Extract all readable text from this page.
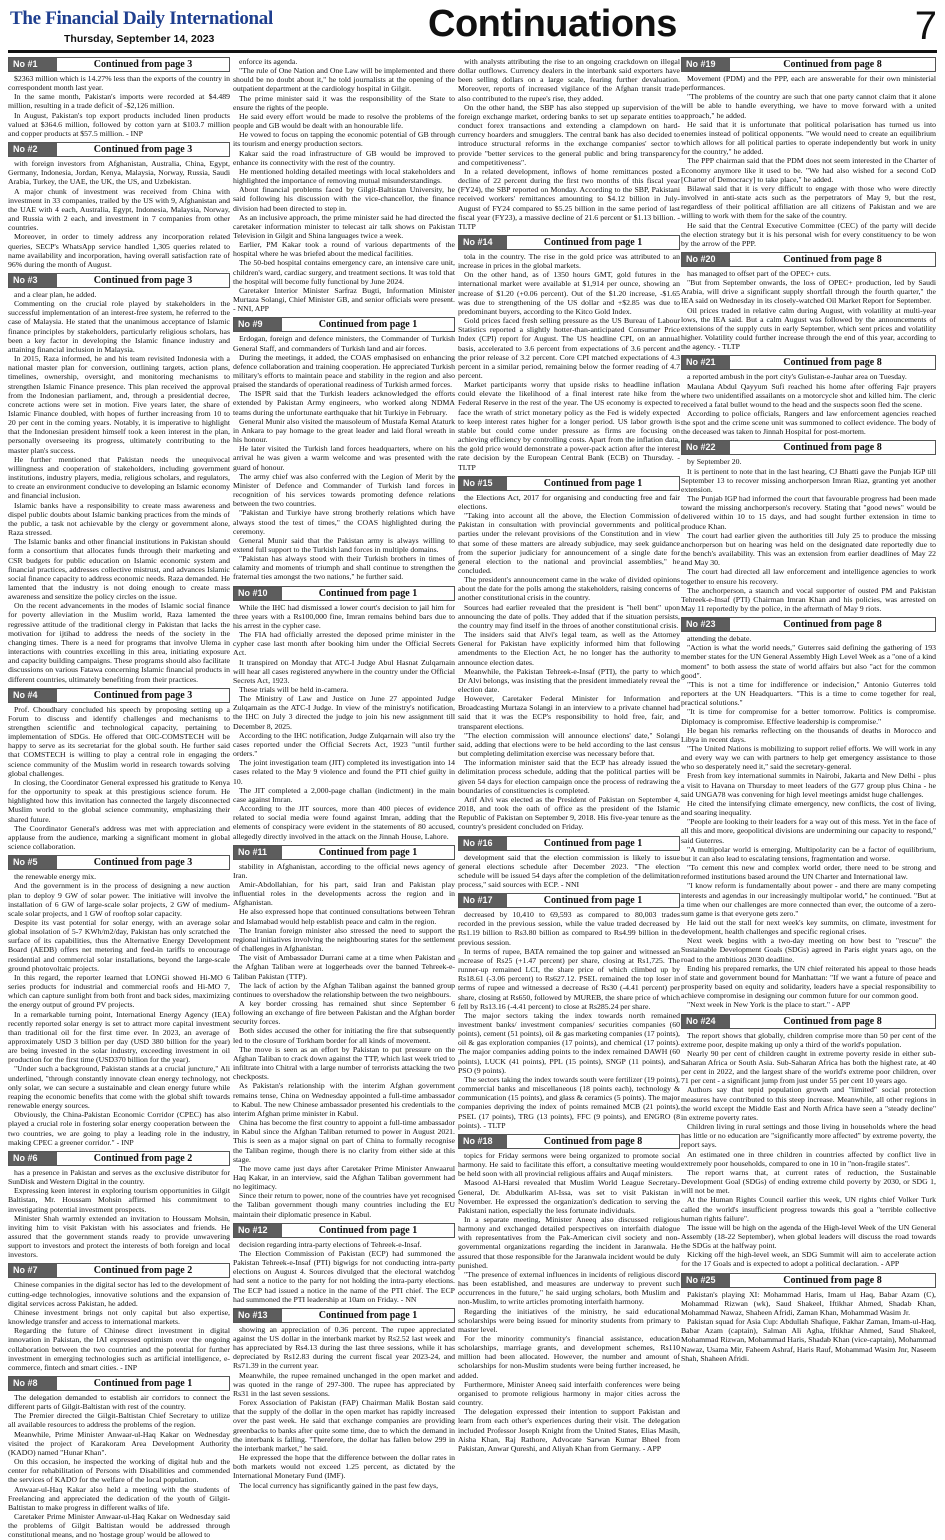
The Financial Daily International
Thursday, September 14, 2023	Continuations	7
No #1	Continued from page 3

$2363 million which is 14.27% less than the exports of the country in correspondent month last year.

In the same month, Pakistan's imports were recorded at $4.489 million, resulting in a trade deficit of -$2,126 million.

In August, Pakistan's top export products included linen products valued at $364.6 million, followed by cotton yarn at $103.7 million and copper products at $57.5 million. - INP

No #2	Continued from page 3

with foreign investors from Afghanistan, Australia, China, Egypt, Germany, Indonesia, Jordan, Kenya, Malaysia, Norway, Russia, Saudi Arabia, Turkey, the UAE, the UK, the US, and Uzbekistan.

A major chunk of investment was received from China with investment in 33 companies, trailed by the US with 9, Afghanistan and the UAE with 4 each, Australia, Egypt, Indonesia, Malaysia, Norway, and Russia with 2 each, and investment in 7 companies from other countries.

Moreover, in order to timely address any incorporation related queries, SECP's WhatsApp service handled 1,305 queries related to name availability and incorporation, having overall satisfaction rate of 96% during the month of August.

No #3	Continued from page 3

and a clear plan, he added.

Commenting on the crucial role played by stakeholders in the successful implementation of an interest-free system, he referred to the case of Malaysia. He stated that the unanimous acceptance of Islamic finance principles by stakeholders, particularly religious scholars, has been a key factor in developing the Islamic finance industry and attaining financial inclusion in Malaysia.

In 2015, Raza informed, he and his team revisited Indonesia with a national master plan for conversion, outlining targets, action plans, timelines, ownership, oversight, and monitoring mechanisms to strengthen Islamic Finance presence. This plan received the approval from the Indonesian parliament, and, through a presidential decree, concrete actions were set in motion. Five years later, the share of Islamic Finance doubled, with hopes of further increasing from 10 to 20 per cent in the coming years. Notably, it is imperative to highlight that the Indonesian president himself took a keen interest in the plan, personally overseeing its progress, ultimately contributing to the master plan's success.

He further mentioned that Pakistan needs the unequivocal willingness and cooperation of stakeholders, including government institutions, industry players, media, religious scholars, and regulators, to create an environment conducive to developing an Islamic economy and financial inclusion.

Islamic banks have a responsibility to create mass awareness and dispel public doubts about Islamic banking practices from the minds of the public, a task not achievable by the clergy or government alone, Raza stressed.

The Islamic banks and other financial institutions in Pakistan should form a consortium that allocates funds through their marketing and CSR budgets for public education on Islamic economic system and financial practices, addresses collective mistrust, and advances Islamic social finance capacity to address economic needs. Raza demanded. He lamented that the industry is not doing enough to create mass awareness and sensitize the policy circles on the issue.

On the recent advancements in the modes of Islamic social finance for poverty alleviation in the Muslim world, Raza lamented the regressive attitude of the traditional clergy in Pakistan that lacks the motivation for ijtihad to address the needs of the society in the changing times. There is a need for programs that involve Ulema in interactions with countries excelling in this area, initiating exposure and capacity building campaigns. These programs should also facilitate discussions on various Fatawa concerning Islamic financial products in different countries, ultimately benefiting from their practices.

No #4	Continued from page 3

Prof. Choudhary concluded his speech by proposing setting up a Forum to discuss and identify challenges and mechanisms to strengthen scientific and technological capacity, pertaining to implementation of SDGs. He offered that OIC-COMSTECH will be happy to serve as its secretariat for the global south. He further said that COMSTECH is willing to play a central role in engaging the science community of the Muslim world in research towards solving global challenges.

In closing, the Coordinator General expressed his gratitude to Kenya for the opportunity to speak at this prestigious science forum. He highlighted how this invitation has connected the largely disconnected Muslim world to the global science community, emphasizing their shared future.

The Coordinator General's address was met with appreciation and applause from the audience, marking a significant moment in global science collaboration.

No #5	Continued from page 3

the renewable energy mix.

And the government is in the process of designing a new auction plan to deploy 9 GW of solar power. The initiative will involve the installation of 6 GW of large-scale solar projects, 2 GW of medium-scale solar projects, and 1 GW of rooftop solar capacity.

Despite its vast potential for solar energy, with an average solar global insolation of 5-7 KWh/m2/day, Pakistan has only scratched the surface of its capabilities, thus the Alternative Energy Development Board (AEDB) offers net metering and feed-in tariffs to encourage residential and commercial solar installations, beyond the large-scale ground photovoltaic projects.

In this regard, the reporter learned that LONGi showed Hi-MO 6 series products for industrial and commercial roofs and Hi-MO 7, which can capture sunlight from both front and back sides, maximizing the energy output of ground PV projects.

In a remarkable turning point, International Energy Agency (IEA) recently reported solar energy is set to attract more capital investment than traditional oil for the first time ever. In 2023, an average of approximately USD 3 billion per day (USD 380 billion for the year) are being invested in the solar industry, exceeding investment in oil production for the first time (USD370 billion for the year).

"Under such a background, Pakistan stands at a crucial juncture," Ali underlined, "through constantly innovate clean energy technology, not only solar, we can secure a sustainable and clean energy future while reaping the economic benefits that come with the global shift towards renewable energy sources.

Obviously, the China-Pakistan Economic Corridor (CPEC) has also played a crucial role in fostering solar energy cooperation between the two countries, we are going to play a leading role in the industry, making CPEC a greener corridor." - INP

No #6	Continued from page 2

has a presence in Pakistan and serves as the exclusive distributor for SunDisk and Western Digital in the country.

Expressing keen interest in exploring tourism opportunities in Gilgit Baltistan, Mr. Houssam Mohsin affirmed his commitment to investigating potential investment prospects.

Minister Shah warmly extended an invitation to Houssam Mohsin, inviting him to visit Pakistan with his associates and friends. He assured that the government stands ready to provide unwavering support to investors and protect the interests of both foreign and local investors.

No #7	Continued from page 2

Chinese companies in the digital sector has led to the development of cutting-edge technologies, innovative solutions and the expansion of digital services across Pakistan, he added.

Chinese investment brings not only capital but also expertise, knowledge transfer and access to international markets.

Regarding the future of Chinese direct investment in digital innovation in Pakistan, the IAI expressed optimism over the ongoing collaboration between the two countries and the potential for further investment in emerging technologies such as artificial intelligence, e-commerce, fintech and smart cities. - INP

No #8	Continued from page 1

The delegation demanded to establish air corridors to connect the different parts of Gilgit-Baltistan with rest of the country.

The Premier directed the Gilgit-Baltistan Chief Secretary to utilize all available resources to address the problems of the region.

Meanwhile, Prime Minister Anwaar-ul-Haq Kakar on Wednesday visited the project of Karakoram Area Development Authority (KADO) named "Hunar Khan".

On this occasion, he inspected the working of digital hub and the center for rehabilitation of Persons with Disabilities and commended the services of KADO for the welfare of the local population.

Anwaar-ul-Haq Kakar also held a meeting with the students of Freelancing and appreciated the dedication of the youth of Gilgit-Baltistan to make progress in different walks of life.

Caretaker Prime Minister Anwaar-ul-Haq Kakar on Wednesday said the problems of Gilgit Baltistan would be addressed through constitutional means, and no 'hostage group' would be allowed to

enforce its agenda.

"The rule of One Nation and One Law will be implemented and there should be no doubt about it," he told journalists at the opening of the outpatient department at the cardiology hospital in Gilgit.

The prime minister said it was the responsibility of the State to ensure the rights of the people.

He said every effort would be made to resolve the problems of the people and GB would be dealt with an honourable life.

He vowed to focus on tapping the economic potential of GB through its tourism and energy production sectors.

Kakar said the road infrastructure of GB would be improved to enhance its connectivity with the rest of the country.

He mentioned holding detailed meetings with local stakeholders and highlighted the importance of removing mutual misunderstandings.

About financial problems faced by Gilgit-Baltistan University, he said following his discussion with the vice-chancellor, the finance division had been directed to step in.

As an inclusive approach, the prime minister said he had directed the caretaker information minister to telecast air talk shows on Pakistan Television in Gilgit and Shina languages twice a week.

Earlier, PM Kakar took a round of various departments of the hospital where he was briefed about the medical facilities.

The 50-bed hospital contains emergency care, an intensive care unit, children's ward, cardiac surgery, and treatment sections. It was told that the hospital will become fully functional by June 2024.

Caretaker Interior Minister Sarfraz Bugti, Information Minister Murtaza Solangi, Chief Minister GB, and senior officials were present. - NNI, APP

No #9	Continued from page 1

Erdogan, foreign and defence ministers, the Commander of Turkish General Staff, and commanders of Turkish land and air forces.

During the meetings, it added, the COAS emphasised on enhancing defence collaboration and training cooperation. He appreciated Turkish military's efforts to maintain peace and stability in the region and also praised the standards of operational readiness of Turkish armed forces.

The ISPR said that the Turkish leaders acknowledged the efforts extended by Pakistan Army engineers, who worked along NDMA teams during the unfortunate earthquake that hit Turkiye in February.

General Munir also visited the mausoleum of Mustafa Kemal Ataturk in Ankara to pay homage to the great leader and laid floral wreath in his honour.

He later visited the Turkish land forces headquarters, where on his arrival he was given a warm welcome and was presented with the guard of honour.

The army chief was also conferred with the Legion of Merit by the Minister of Defence and Commander of Turkish land forces in recognition of his services towards promoting defence relations between the two countries.

"Pakistan and Turkiye have strong brotherly relations which have always stood the test of times," the COAS highlighted during the ceremony.

General Munir said that the Pakistan army is always willing to extend full support to the Turkish land forces in multiple domains.

"Pakistan has always stood with their Turkish brothers in times of calamity and moments of triumph and shall continue to strengthen the fraternal ties amongst the two nations," he further said.

No #10	Continued from page 1

While the IHC had dismissed a lower court's decision to jail him for three years with a Rs100,000 fine, Imran remains behind bars due to his arrest in the cypher case.

The FIA had officially arrested the deposed prime minister in the cypher case last month after booking him under the Official Secrets Act.

It transpired on Monday that ATC-I Judge Abul Hasnat Zulqarnain will hear all cases registered anywhere in the country under the Official Secrets Act, 1923.

These trials will be held in-camera.

The Ministry of Law and Justice on June 27 appointed Judge Zulqarnain as the ATC-I Judge. In view of the ministry's notification, the IHC on July 3 directed the judge to join his new assignment till December 8, 2025.

According to the IHC notification, Judge Zulqarnain will also try the cases reported under the Official Secrets Act, 1923 "until further orders."

The joint investigation team (JIT) completed its investigation into 14 cases related to the May 9 violence and found the PTI chief guilty in 10.

The JIT completed a 2,000-page challan (indictment) in the main case against Imran.

According to the JIT sources, more than 400 pieces of evidence related to social media were found against Imran, adding that the elements of conspiracy were evident in the statements of 80 accused, allegedly directly involved in the attack on the Jinnah House, Lahore.

No #11	Continued from page 1

stability in Afghanistan, according to the official news agency of Iran.

Amir-Abdollahian, for his part, said Iran and Pakistan play influential roles in the developments across the region and in Afghanistan.

He also expressed hope that continued consultations between Tehran and Islamabad would help establish peace and calm in the region.

The Iranian foreign minister also stressed the need to support the regional initiatives involving the neighbouring states for the settlement of challenges in Afghanistan.

The visit of Ambassador Durrani came at a time when Pakistan and the Afghan Taliban were at loggerheads over the banned Tehreek-e-Taliban Pakistan (TTP).

The lack of action by the Afghan Taliban against the banned group continues to overshadow the relationship between the two neighbours.

A key border crossing has remained shut since September 6 following an exchange of fire between Pakistan and the Afghan border security forces.

Both sides accused the other for initiating the fire that subsequently led to the closure of Torkham border for all kinds of movement.

The move is seen as an effort by Pakistan to put pressure on the Afghan Taliban to crack down against the TTP, which last week tried to infiltrate into Chitral with a large number of terrorists attacking the two checkposts.

As Pakistan's relationship with the interim Afghan government remains tense, China on Wednesday appointed a full-time ambassador to Kabul. The new Chinese ambassador presented his credentials to the interim Afghan prime minister in Kabul.

China has become the first country to appoint a full-time ambassador in Kabul since the Afghan Taliban returned to power in August 2021. This is seen as a major signal on part of China to formally recognise the Taliban regime, though there is no clarity from either side at this stage.

The move came just days after Caretaker Prime Minister Anwaarul Haq Kakar, in an interview, said the Afghan Taliban government had no legitimacy.

Since their return to power, none of the countries have yet recognised the Taliban government though many countries including the EU maintain their diplomatic presence in Kabul.

No #12	Continued from page 1

decision regarding intra-party elections of Tehreek-e-Insaf.

The Election Commission of Pakistan (ECP) had summoned the Pakistan Tehreek-e-Insaf (PTI) bigwigs for not conducting intra-party elections on August 4. Sources divulged that the electoral watchdog had sent a notice to the party for not holding the intra-party elections. The ECP had issued a notice in the name of the PTI chief. The ECP had summoned the PTI leadership at 10am on Friday. - NN

No #13	Continued from page 1

showing an appreciation of 0.36 percent. The rupee appreciated against the US dollar in the interbank market by Rs2.52 last week and has appreciated by Rs4.13 during the last three sessions, while it has depreciated by Rs12.83 during the current fiscal year 2023-24, and Rs71.39 in the current year.

Meanwhile, the rupee remained unchanged in the open market and was quoted in the range of 297-300. The rupee has appreciated by Rs31 in the last seven sessions.

Forex Association of Pakistan (FAP) Chairman Malik Bostan said that the supply of the dollar in the open market has rapidly increased over the past week. He said that exchange companies are providing greenbacks to banks after quite some time, due to which the demand in the interbank is falling. "Therefore, the dollar has fallen below 299 in the interbank market," he said.

He expressed the hope that the difference between the dollar rates in both markets would not exceed 1.25 percent, as dictated by the International Monetary Fund (IMF).

The local currency has significantly gained in the past few days,

with analysts attributing the rise to an ongoing crackdown on illegal dollar outflows. Currency dealers in the interbank said exporters have been selling dollars on a large scale, fearing further devaluation. Moreover, reports of increased vigilance of the Afghan transit trade also contributed to the rupee's rise, they added.

On the other hand, the SBP has also stepped up supervision of the foreign exchange market, ordering banks to set up separate entities to conduct forex transactions and extending a clampdown on hard-currency hoarders and smugglers. The central bank has also decided to introduce structural reforms in the exchange companies' sector to provide "better services to the general public and bring transparency and competitiveness".

In a related development, inflows of home remittances posted a decline of 22 percent during the first two months of this fiscal year (FY24), the SBP reported on Monday. According to the SBP, Pakistani received workers' remittances amounting to $4.12 billion in July-August of FY24 compared to $5.25 billion in the same period of last fiscal year (FY23), a massive decline of 21.6 percent or $1.13 billion. - TLTP

No #14	Continued from page 1

tola in the country. The rise in the gold price was attributed to an increase in prices in the global markets.

On the other hand, as of 1350 hours GMT, gold futures in the international market were available at $1,914 per ounce, showing an increase of $1.20 (+0.06 percent). Out of the $1.20 increase, -$1.65 was due to strengthening of the US dollar and +$2.85 was due to predominant buyers, according to the Kitco Gold Index.

Gold prices faced fresh selling pressure as the US Bureau of Labour Statistics reported a slightly hotter-than-anticipated Consumer Price Index (CPI) report for August. The US headline CPI, on an annual basis, accelerated to 3.6 percent from expectations of 3.6 percent and the prior release of 3.2 percent. Core CPI matched expectations of 4.3 percent in a similar period, remaining below the former reading of 4.7 percent.

Market participants worry that upside risks to headline inflation could elevate the likelihood of a final interest rate hike from the Federal Reserve in the rest of the year. The US economy is expected to face the wrath of strict monetary policy as the Fed is widely expected to keep interest rates higher for a longer period. US labor growth is stable but could come under pressure as firms are focusing on achieving efficiency by controlling costs. Apart from the inflation data, the gold price would demonstrate a power-pack action after the interest rate decision by the European Central Bank (ECB) on Thursday. - TLTP

No #15	Continued from page 1

the Elections Act, 2017 for organising and conducting free and fair elections.

"Taking into account all the above, the Election Commission of Pakistan in consultation with provincial governments and political parties under the relevant provisions of the Constitution and in view that some of these matters are already subjudice, may seek guidance from the superior judiciary for announcement of a single date for general election to the national and provincial assemblies," he concluded.

The president's announcement came in the wake of divided opinions about the date for the polls among the stakeholders, raising concerns of another constitutional crisis in the country.

Sources had earlier revealed that the president is "hell bent" upon announcing the date of polls. They added that if the situation persists, the country may find itself in the throes of another constitutional crisis.

The insiders said that Alvi's legal team, as well as the Attorney General for Pakistan have explicitly informed him that following amendments to the Election Act, he no longer has the authority to announce election dates.

Meanwhile, the Pakistan Tehreek-e-Insaf (PTI), the party to which Dr Alvi belongs, was insisting that the president immediately reveal the election date.

However, Caretaker Federal Minister for Information and Broadcasting Murtaza Solangi in an interview to a private channel had said that it was the ECP's responsibility to hold free, fair, and transparent elections.

"The election commission will announce elections' date," Solangi said, adding that elections were to be held according to the last census but completing delimitation exercise was necessary before that.

The information minister said that the ECP has already issued the delimitation process schedule, adding that the political parties will be given 54 days for election campaign once the process of redrawing the boundaries of constituencies is completed.

Arif Alvi was elected as the President of Pakistan on September 4, 2018, and took the oath of office as the president of the Islamic Republic of Pakistan on September 9, 2018. His five-year tenure as the country's president concluded on Friday.

No #16	Continued from page 1

development said that the election commission is likely to issue general elections schedule after December 2023. "The election schedule will be issued 54 days after the completion of the delimitation process," said sources with ECP. - NNI

No #17	Continued from page 1

decreased by 10,410 to 69,593 as compared to 80,003 trades recorded in the previous session, while the value traded decreased by Rs1.19 billion to Rs3.80 billion as compared to Rs4.99 billion in the previous session.

In terms of rupee, BATA remained the top gainer and witnessed an increase of Rs25 (+1.47 percent) per share, closing at Rs1,725. The runner-up remained LCI, the share price of which climbed up by Rs18.61 (-3.06 percent) to Rs627.12. PSEL remained the top loser in terms of rupee and witnessed a decrease of Rs30 (-4.41 percent) per share, closing at Rs650, followed by MUREB, the share price of which fell by Rs13.16 (-4.41 percent) to close at Rs285.24 per share.

The major sectors taking the index towards north remained investment banks/ investment companies/ securities companies (60 points), cement (51 points), oil & gas marketing companies (17 points), oil & gas exploration companies (17 points), and chemical (17 points). The major companies adding points to the index remained DAWH (60 points), LUCK (41 points), PPL (15 points), SNGP (11 points), and PSO (9 points).

The sectors taking the index towards south were fertilizer (19 points), commercial banks and miscellaneous (18 points each), technology & communication (15 points), and glass & ceramics (5 points). The major companies depriving the index of points remained MCB (21 points), PSEL (17 points), TRG (13 points), FFC (9 points), and ENGRO (8 points). - TLTP

No #18	Continued from page 8

topics for Friday sermons were being organized to promote social harmony. He said to facilitate this effort, a consultative meeting would be held soon with all provincial religious affairs and Auqaf ministers.

Masood Al-Harsi revealed that Muslim World League Secretary-General, Dr. Abdulkarim Al-Issa, was set to visit Pakistan in November. He expressed the organization's dedication to serving the Pakistani nation, especially the less fortunate individuals.

In a separate meeting, Minister Aneeq also discussed religious harmony and exchanged detailed perspectives on interfaith dialogue with representatives from the Pak-American civil society and non-governmental organizations regarding the incident in Jaranwala. He assured that those responsible for the Jaranwala incident would be duly punished.

"The presence of external influences in incidents of religious discord has been established, and measures are underway to prevent such occurrences in the future," he said urging scholars, both Muslim and non-Muslim, to write articles promoting interfaith harmony.

Regarding the initiatives of the ministry, he said educational scholarships were being issued for minority students from primary to master level.

For the minority community's financial assistance, education scholarships, marriage grants, and development schemes, Rs110 million had been allocated. However, the number and amount of scholarships for non-Muslim students were being further increased, he added.

Furthermore, Minister Aneeq said interfaith conferences were being organised to promote religious harmony in major cities across the country.

The delegation expressed their intention to support Pakistan and learn from each other's experiences during their visit. The delegation included Professor Joseph Knight from the United States, Elias Masih, Aisha Khan, Raj Rathore, Advocate Sarwan Kumar Bheel from Pakistan, Anwar Qureshi, and Aliyah Khan from Germany. - APP

No #19	Continued from page 8

Movement (PDM) and the PPP, each are answerable for their own ministerial performances.

"The problems of the country are such that one party cannot claim that it alone will be able to handle everything, we have to move forward with a united approach," he added.

He said that it is unfortunate that political polarisation has turned us into enemies instead of political opponents. "We would need to create an equilibrium which allows for all political parties to operate independently but work in unity for the country," he added.

The PPP chairman said that the PDM does not seem interested in the Charter of Economy anymore like it used to be. "We had also wished for a second CoD [Charter of Democracy] to take place," he added.

Bilawal said that it is very difficult to engage with those who were directly involved in anti-state acts such as the perpetrators of May 9, but the rest, regardless of their political affiliation are all citizens of Pakistan and we are willing to work with them for the sake of the country.

He said that the Central Executive Committee (CEC) of the party will decide the election strategy but it is his personal wish for every constituency to be won by the arrow of the PPP.

No #20	Continued from page 8

has managed to offset part of the OPEC+ cuts.

"But from September onwards, the loss of OPEC+ production, led by Saudi Arabia, will drive a significant supply shortfall through the fourth quarter," the IEA said on Wednesday in its closely-watched Oil Market Report for September.

Oil prices traded in relative calm during August, with volatility at multi-year lows, the IEA said. But a calm August was followed by the announcements of extensions of the supply cuts in early September, which sent prices and volatility higher. Volatility could further increase through the end of this year, according to the agency. - TLTP

No #21	Continued from page 8

a reported ambush in the port city's Gulistan-e-Jauhar area on Tuesday.

Maulana Abdul Qayyum Sufi reached his home after offering Fajr prayers where two unidentified assailants on a motorcycle shot and killed him. The cleric received a fatal bullet wound to the head and the suspects soon fled the scene.

According to police officials, Rangers and law enforcement agencies reached the spot and the crime scene unit was summoned to collect evidence. The body of the deceased was taken to Jinnah Hospital for post-mortem.

No #22	Continued from page 8

by September 20.

It is pertinent to note that in the last hearing, CJ Bhatti gave the Punjab IGP till September 13 to recover missing anchorperson Imran Riaz, granting yet another extension.

The Punjab IGP had informed the court that favourable progress had been made toward the missing anchorperson's recovery. Stating that "good news" would be delivered within 10 to 15 days, and had sought further extension in time to produce Khan.

The court had earlier given the authorities till July 25 to produce the missing anchorperson but on hearing was held on the designated date reportedly due to the bench's availability. This was an extension from earlier deadlines of May 22 and May 30.

The court had directed all law enforcement and intelligence agencies to work together to ensure his recovery.

The anchorperson, a staunch and vocal supporter of ousted PM and Pakistan Tehreek-e-Insaf (PTI) Chairman Imran Khan and his policies, was arrested on May 11 reportedly by the police, in the aftermath of May 9 riots.

No #23	Continued from page 8

attending the debate.

"Action is what the world needs," Guterres said defining the gathering of 193 member states for the UN General Assembly High Level Week as a "one of a kind moment" to both assess the state of world affairs but also "act for the common good".

"This is not a time for indifference or indecision," Antonio Guterres told reporters at the UN Headquarters. "This is a time to come together for real, practical solutions."

"It is time for compromise for a better tomorrow. Politics is compromise. Diplomacy is compromise. Effective leadership is compromise."

He began his remarks reflecting on the thousands of deaths in Morocco and Libya in recent days.

"The United Nations is mobilizing to support relief efforts. We will work in any and every way we can with partners to help get emergency assistance to those who so desperately need it," said the secretary-general.

Fresh from key international summits in Nairobi, Jakarta and New Delhi - plus a visit to Havana on Thursday to meet leaders of the G77 group plus China - he said UNGA78 was convening for high level meetings amidst huge challenges.

He cited the intensifying climate emergency, new conflicts, the cost of living, and soaring inequality.

"People are looking to their leaders for a way out of this mess. Yet in the face of all this and more, geopolitical divisions are undermining our capacity to respond," said Guterres.

"A multipolar world is emerging. Multipolarity can be a factor of equilibrium, but it can also lead to escalating tensions, fragmentation and worse.

"To cement this new and complex world order, there need to be strong and reformed institutions based around the UN Charter and International law.

"I know reform is fundamentally about power - and there are many competing interests and agendas in our increasingly multipolar world," he continued. "But at a time when our challenges are more connected than ever, the outcome of a zero-sum game is that everyone gets zero."

He laid out the stall for next week's key summits, on climate, investment for development, health challenges and specific regional crises.

Next week begins with a two-day meeting on how best to "rescue" the Sustainable Development Goals (SDGs) agreed in Paris eight years ago, on the road to the ambitious 2030 deadline.

Ending his prepared remarks, the UN chief reiterated his appeal to those heads of state and government bound for Manhattan: "If we want a future of peace and prosperity based on equity and solidarity, leaders have a special responsibility to achieve compromise in designing our common future for our common good.

"Next week in New York is the place to start." - APP

No #24	Continued from page 8

The report shows that globally, children comprise more than 50 per cent of the extreme poor, despite making up only a third of the world's population.

Nearly 90 per cent of children caught in extreme poverty reside in either sub-Saharan Africa or South Asia. Sub-Saharan Africa has both the highest rate, at 40 per cent in 2022, and the largest share of the world's extreme poor children, over 71 per cent - a significant jump from just under 55 per cent 10 years ago.

Authors say that tepid population growth and "limited" social protection measures have contributed to this steep increase. Meanwhile, all other regions in the world except the Middle East and North Africa have seen a "steady decline" in extreme poverty rates.

Children living in rural settings and those living in households where the head has little or no education are "significantly more affected" by extreme poverty, the report says.

An estimated one in three children in countries affected by conflict live in extremely poor households, compared to one in 10 in "non-fragile states".

The report warns that, at current rates of reduction, the Sustainable Development Goal (SDGs) of ending extreme child poverty by 2030, or SDG 1, will not be met.

At the Human Rights Council earlier this week, UN rights chief Volker Turk called the world's insufficient progress towards this goal a "terrible collective human rights failure".

The issue will be high on the agenda of the High-level Week of the UN General Assembly (18-22 September), when global leaders will discuss the road towards the SDGs at the halfway point.

Kicking off the high-level week, an SDG Summit will aim to accelerate action for the 17 Goals and is expected to adopt a political declaration. - APP

No #25	Continued from page 8

Pakistan's playing XI: Mohammad Haris, Imam ul Haq, Babar Azam (C), Mohammad Rizwan (wk), Saud Shakeel, Iftikhar Ahmed, Shadab Khan, Mohammad Nawaz, Shaheen Afridi, Zaman Khan, Mohammad Wasim Jr.

Pakistan squad for Asia Cup: Abdullah Shafique, Fakhar Zaman, Imam-ul-Haq, Babar Azam (captain), Salman Ali Agha, Iftikhar Ahmed, Saud Shakeel, Mohammad Rizwan, Mohammad Haris, Shadab Khan (vice-captain), Mohammad Nawaz, Usama Mir, Faheem Ashraf, Haris Rauf, Mohammad Wasim Jnr, Naseem Shah, Shaheen Afridi.
